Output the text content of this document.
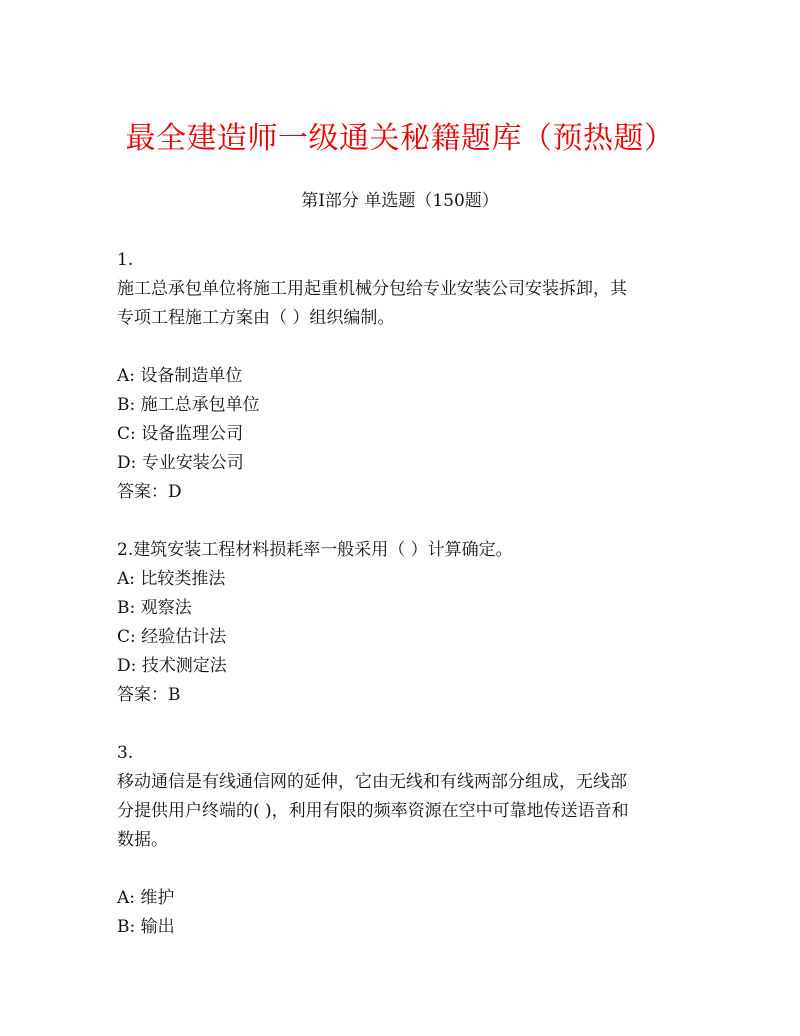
最全建造师一级通关秘籍题库（预热题）
第I部分 单选题（150题）
1.
施工总承包单位将施工用起重机械分包给专业安装公司安装拆卸，其
专项工程施工方案由（ ）组织编制。
A: 设备制造单位
B: 施工总承包单位
C: 设备监理公司
D: 专业安装公司
答案：D
2.建筑安装工程材料损耗率一般采用（ ）计算确定。
A: 比较类推法
B: 观察法
C: 经验估计法
D: 技术测定法
答案：B
3.
移动通信是有线通信网的延伸，它由无线和有线两部分组成，无线部
分提供用户终端的( )，利用有限的频率资源在空中可靠地传送语音和
数据。
A: 维护
B: 输出
